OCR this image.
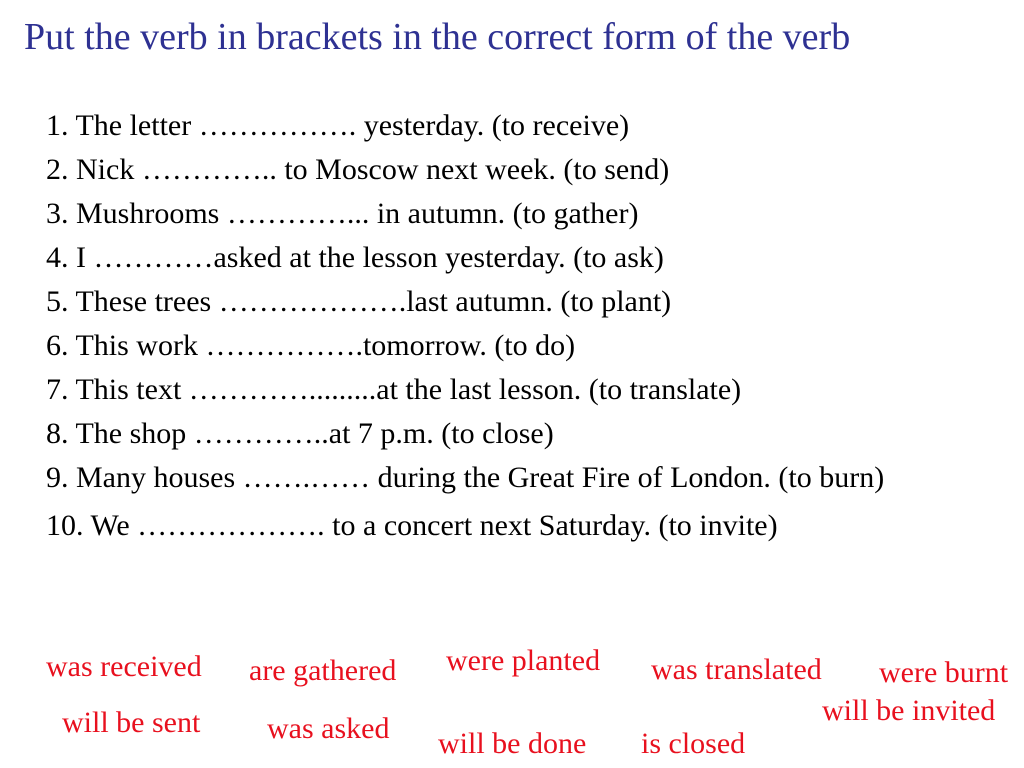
Put the verb in brackets in the correct form of the verb
1. The letter ……………. yesterday. (to receive)
2. Nick ………….. to Moscow next week. (to send)
3. Mushrooms …………... in autumn. (to gather)
4. I …………asked at the lesson yesterday. (to ask)
5. These trees ……………….last autumn. (to plant)
6. This work …………….tomorrow. (to do)
7. This text ………….........at the last lesson. (to translate)
8. The shop …………..at 7 p.m. (to close)
9. Many houses …….…… during the Great Fire of London. (to burn)
10. We ………………. to a concert next Saturday. (to invite)
was received are gathered were planted was translated were burnt
will be invited
will be sent was asked will be done is closed
